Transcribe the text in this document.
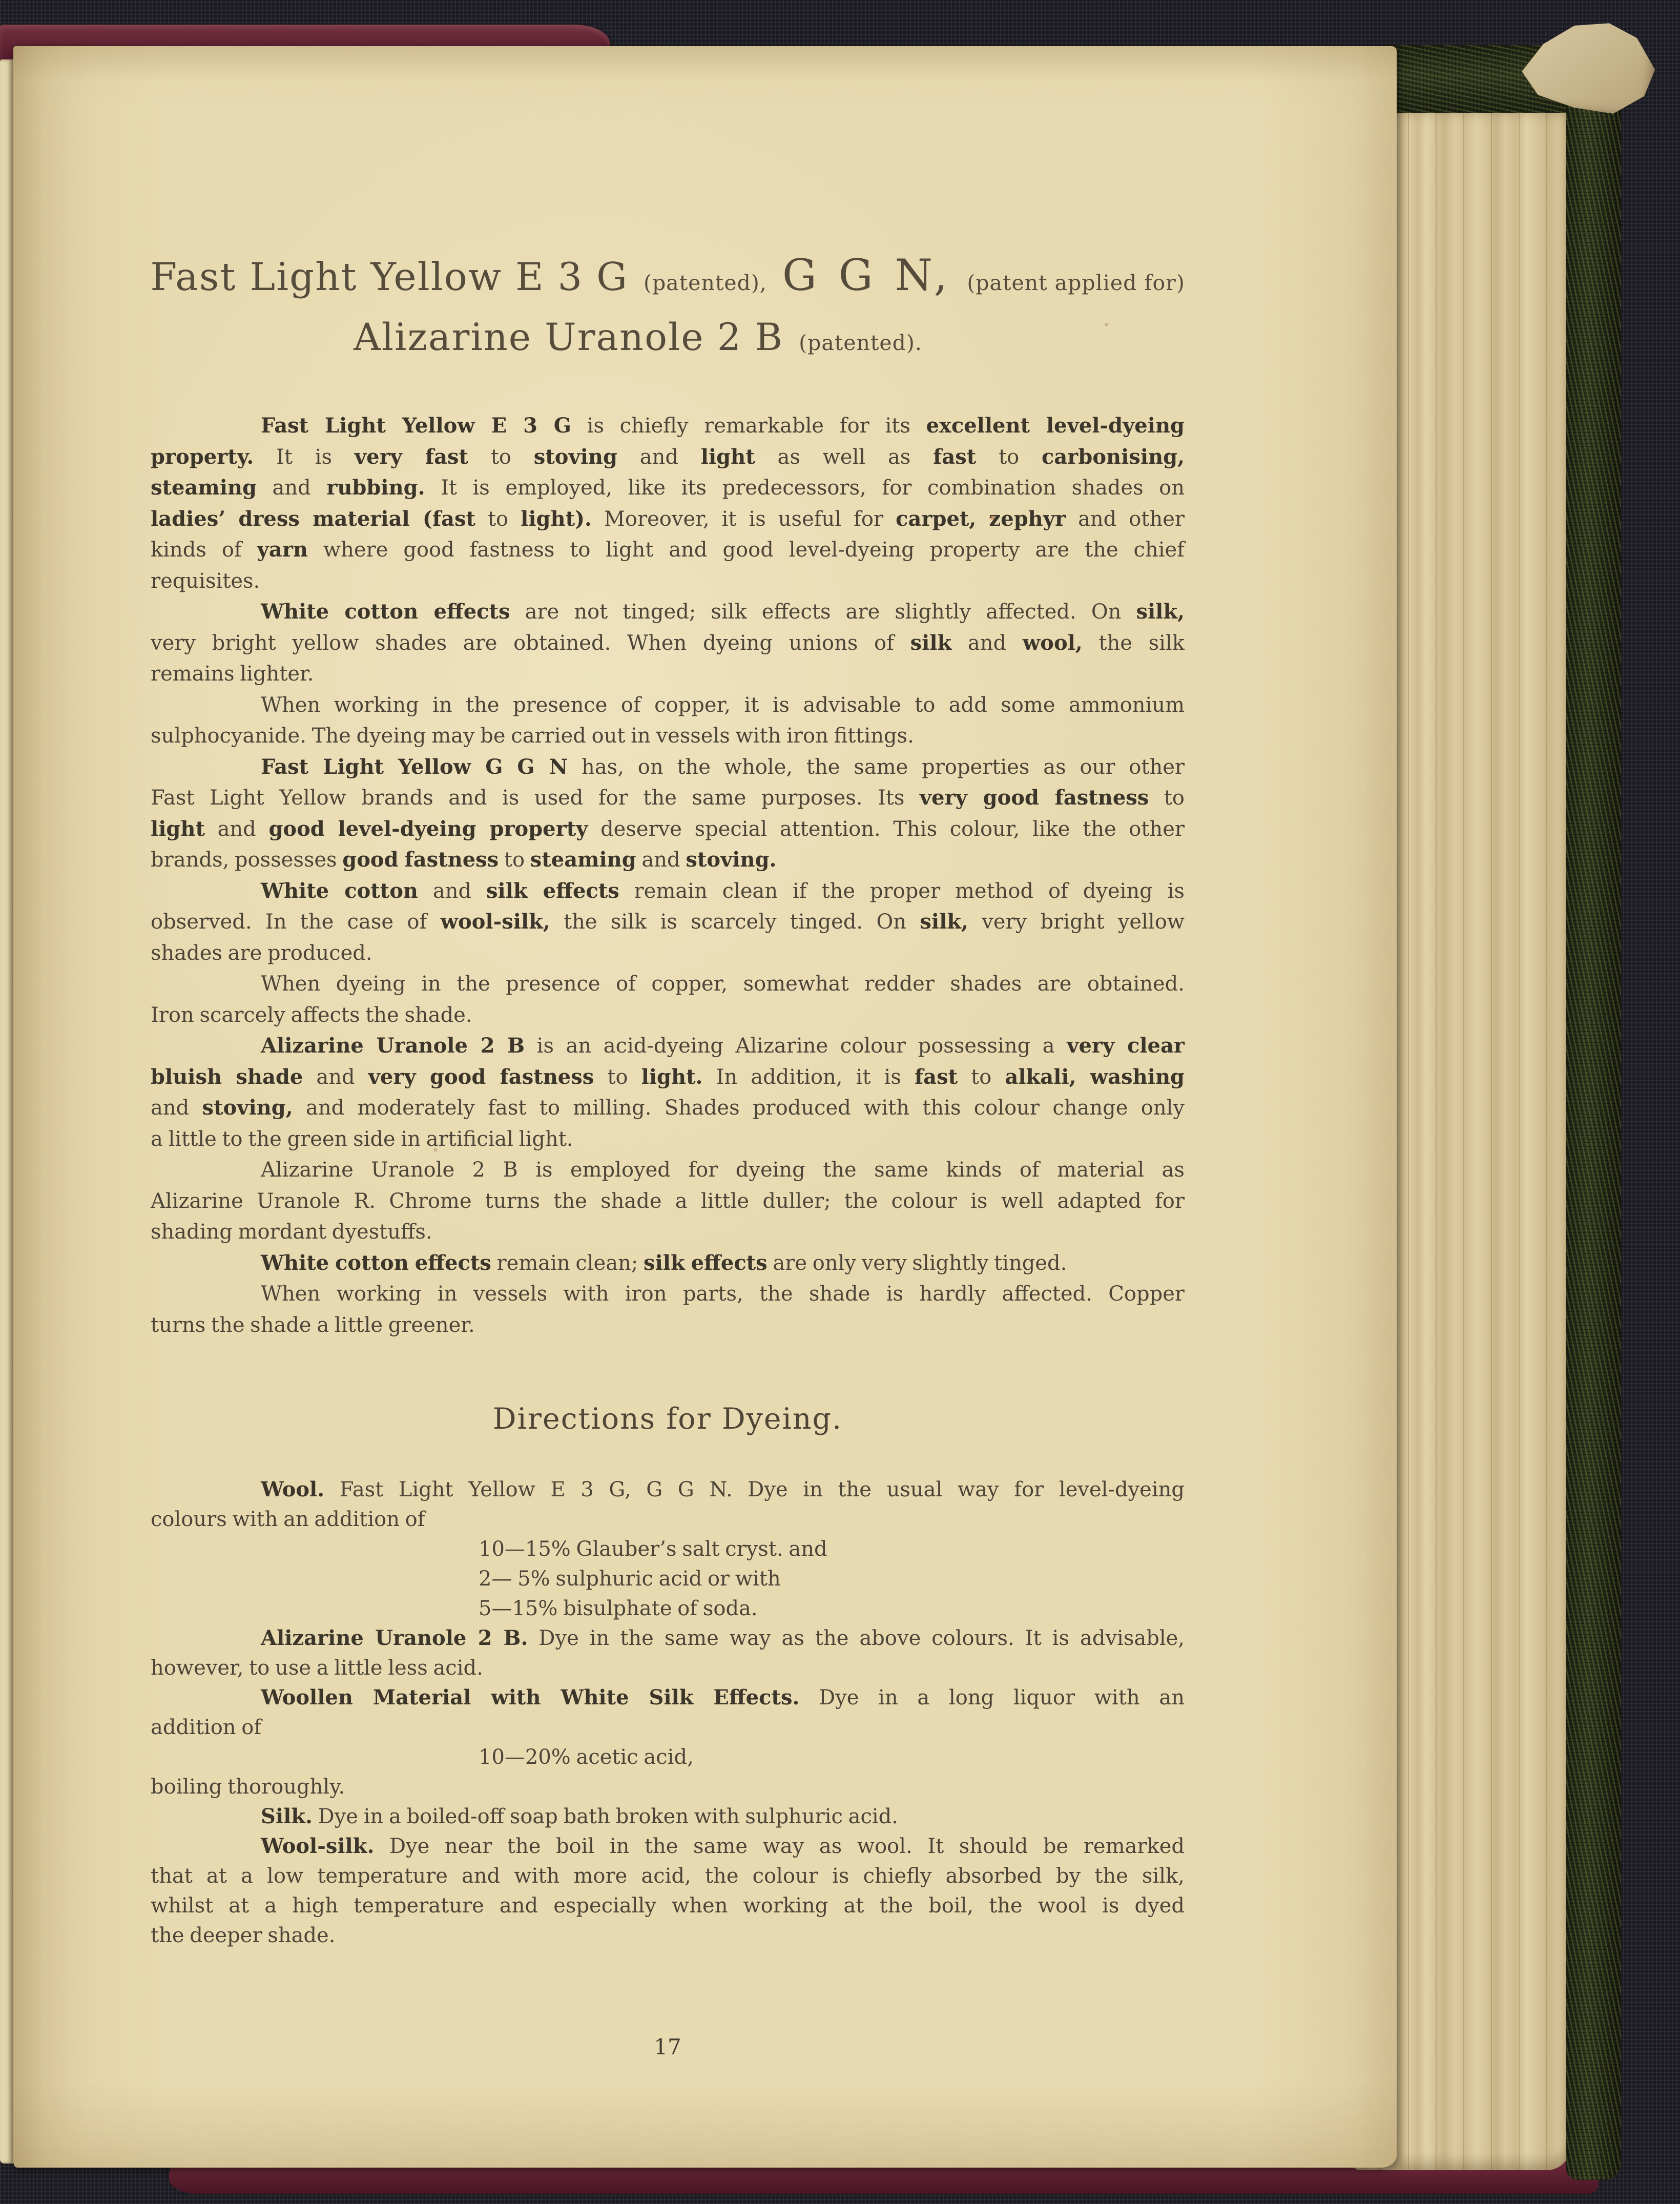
Fast Light Yellow E 3 G (patented), G G N, (patent applied for)
Alizarine Uranole 2 B (patented).
Fast Light Yellow E 3 G is chiefly remarkable for its excellent level-dyeing
property. It is very fast to stoving and light as well as fast to carbonising,
steaming and rubbing. It is employed, like its predecessors, for combination shades on
ladies’ dress material (fast to light). Moreover, it is useful for carpet, zephyr and other
kinds of yarn where good fastness to light and good level-dyeing property are the chief
requisites.
White cotton effects are not tinged; silk effects are slightly affected. On silk,
very bright yellow shades are obtained. When dyeing unions of silk and wool, the silk
remains lighter.
When working in the presence of copper, it is advisable to add some ammonium
sulphocyanide. The dyeing may be carried out in vessels with iron fittings.
Fast Light Yellow G G N has, on the whole, the same properties as our other
Fast Light Yellow brands and is used for the same purposes. Its very good fastness to
light and good level-dyeing property deserve special attention. This colour, like the other
brands, possesses good fastness to steaming and stoving.
White cotton and silk effects remain clean if the proper method of dyeing is
observed. In the case of wool-silk, the silk is scarcely tinged. On silk, very bright yellow
shades are produced.
When dyeing in the presence of copper, somewhat redder shades are obtained.
Iron scarcely affects the shade.
Alizarine Uranole 2 B is an acid-dyeing Alizarine colour possessing a very clear
bluish shade and very good fastness to light. In addition, it is fast to alkali, washing
and stoving, and moderately fast to milling. Shades produced with this colour change only
a little to the green side in artificial light.
Alizarine Uranole 2 B is employed for dyeing the same kinds of material as
Alizarine Uranole R. Chrome turns the shade a little duller; the colour is well adapted for
shading mordant dyestuffs.
White cotton effects remain clean; silk effects are only very slightly tinged.
When working in vessels with iron parts, the shade is hardly affected. Copper
turns the shade a little greener.
Directions for Dyeing.
Wool. Fast Light Yellow E 3 G, G G N. Dye in the usual way for level-dyeing
colours with an addition of
10—15% Glauber’s salt cryst. and
2— 5% sulphuric acid or with
5—15% bisulphate of soda.
Alizarine Uranole 2 B. Dye in the same way as the above colours. It is advisable,
however, to use a little less acid.
Woollen Material with White Silk Effects. Dye in a long liquor with an
addition of
10—20% acetic acid,
boiling thoroughly.
Silk. Dye in a boiled-off soap bath broken with sulphuric acid.
Wool-silk. Dye near the boil in the same way as wool. It should be remarked
that at a low temperature and with more acid, the colour is chiefly absorbed by the silk,
whilst at a high temperature and especially when working at the boil, the wool is dyed
the deeper shade.
17
